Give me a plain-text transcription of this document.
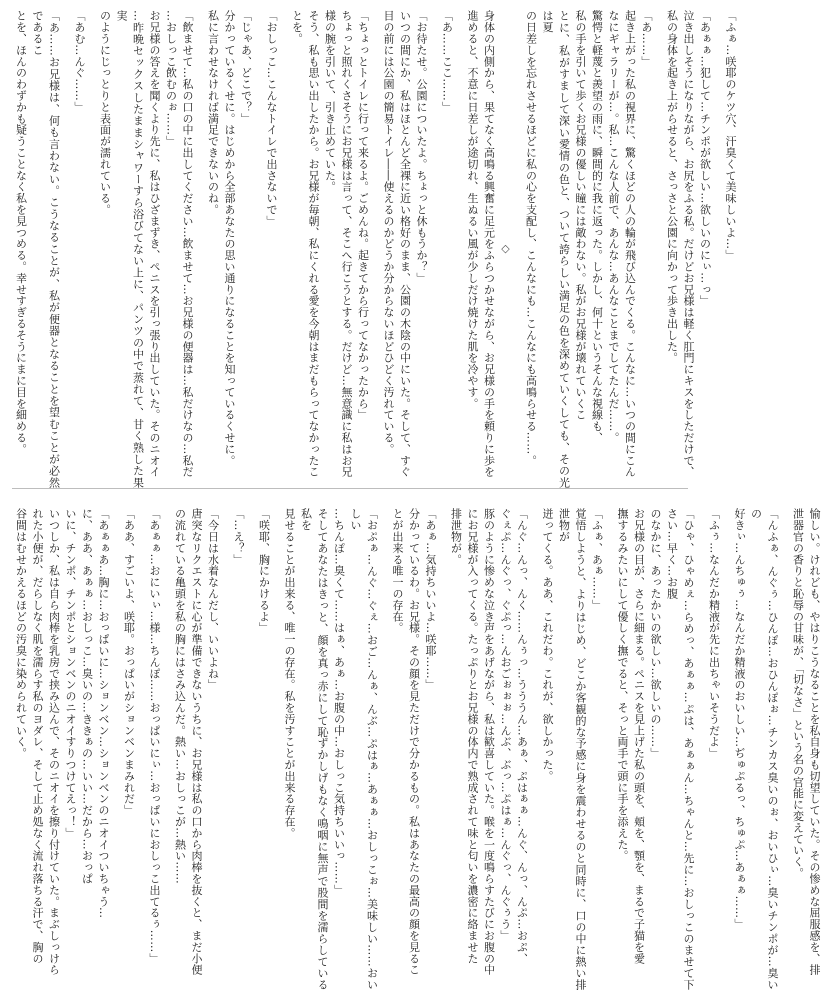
「ふぁ…咲耶のケツ穴、汗臭くて美味しいよ…」

「あぁぁ…犯して…チンポが欲しい…欲しいのにぃ…っ」

泣き出しそうになりながら、お尻をふる私。だけどお兄様は軽く肛門にキスをしただけで、

私の身体を起き上がらせると、さっさと公園に向かって歩き出した。

「あ……」

起き上がった私の視界に、驚くほどの人の輪が飛び込んでくる。こんなに…いつの間にこん

なにギャラリーが…。私…こんな人前で、あんな…あんなことまでしてたんだ……。

驚愕と軽蔑と羨望の雨に、瞬間的に我に返った。しかし、何十というそんな視線も、

私の手を引いて歩くお兄様の優しい瞳には敵わない。私がお兄様が壊れていくこ

とに、私がすまして深い愛情の色と、ついて誇らしい満足の色を深めていくしても、その光は夏

の日差しを忘れさせるほどに私の心を支配し、こんなにも…こんなにも高鳴らせる……。

◇

身体の内側から、果てなく高鳴る興奮に足元をふらつかせながら、お兄様の手を頼りに歩を

進めると、不意に日差しが途切れ、生ぬるい風が少しだけ焼けた肌を冷やす。

「あ……ここ……」

「お待たせ。公園についたよ。ちょっと休もうか？」

いつの間にか、私はほとんど全裸に近い格好のまま、公園の木陰の中にいた。そして、すぐ

目の前には公園の簡易トイレ――使えるのかどうか分からないほどひどく汚れている。

「ちょっとトイレに行って来るよ。ごめんね。起きてから行ってなかったから」

ちょっと照れくさそうにお兄様は言って、そこへ行こうとする。だけど…無意識に私はお兄

様の腕を引いて、引き止めていた。

そう、私も思い出したから。お兄様が毎朝、私にくれる愛を今朝はまだもらってなかったこ

とを。

「おしっこ…こんなトイレで出さないで」

「じゃあ、どこで？」

分かっているくせに。はじめから全部あなたの思い通りになることを知っているくせに。

私に言わせなければ満足できないのね。

「飲ませて…私の口の中に出してください…飲ませて…お兄様の便器は…私だけなの…私だ

…おしっこ飲むのぉ……」

お兄様の答えを聞くより先に、私はひざまずき、ペニスを引っ張り出していた。そのニオイ

…昨晩セックスしたままシャワーすら浴びてない上に、パンツの中で蒸れて、甘く熟した果実

のようにじっとりと表面が濡れている。

「あむ…んぐ……」

「あ……お兄様は、何も言わない。こうなることが、私が便器となることを望むことが必然であるこ

とを、ほんのわずかも疑うことなく私を見つめる。幸せすぎるそうにまに目を細める。

愉しい。けれども、やはりこうなることを私自身も切望していた。その惨めな屈服感を、排

泄器官の香りと恥辱の甘味が、「切なさ」という名の官能に変えていく。

「んふぁ、んぐぅ…ひんぽ…おひんぽぉ…チンカス臭いのぉ、おいひぃ…臭いチンポが…臭いの

好きぃ…んちゅぅ…なんだか精液のおいしい…ぢゅぷるっ、ちゅぷ…あぁぁ……」

「ふぅ…なんだか精液が先に出ちゃいそうだよ」

「ひゃ、ひゃめぇ…らめっ、あぁぁ…ぷは、あぁぁん…ちゃんと…先に…おしっこのませて下さい…早く…お腹

のなかに、あったかいの欲しい…欲しいの……」

お兄様の目が、さらに細まる。ペニスを見上げた私の頭を、頬を、顎を、まるで子猫を愛

撫するみたいにして優しく撫でると、そっと両手で頭に手を添えた。

「ふぁ、あぁ……」

覚悟しようと、よりはじめ、どこか客観的な予感に身を震わせるのと同時に、口の中に熱い排泄物が

迸ってくる。ああ、これだわ。これが、欲しかった。

「んぐ…んっ、んく……んぅっ…うううん…あぁ、ぷはぁぁ…んぐ、んっ、んぷ…おぷ、

ぐぇぷ…んぐっ、ぐぷっ…んおごぉぉぉ…んぶ、ぶっ…ぷはぁ…んぐっ、んぐぅう」

豚のように惨めな泣き声をあげながら、私は歓喜していた。喉を一度鳴らすたびにお腹の中

にお兄様が入ってくる。たっぷりとお兄様の体内で熟成されて味と匂いを濃密に絡ませた

排泄物が。

「あぁ…気持ちいいよ…咲耶……」

分かっているわ。お兄様。その顔を見ただけで分かるもの。私はあなたの最高の顔を見るこ

とが出来る唯一の存在。

「おぷぁ…んぐ…ぐぇ…おご…んぁ、んぶ…ぷはぁ…あぁぁ…おしっこぉ…美味しい……おいしい

…ちんぽ…臭くて……はぁ、あぁ…お腹の中…おしっこ気持ちいいっ……」

そしてあなたはきっと、顔を真っ赤にして恥ずかしげもなく鳴咽に無声で股間を濡らしている私を

見せることが出来る、唯一の存在。私を汚すことが出来る存在。

「咲耶、胸にかけるよ」

「…え？」

「今日は水着なんだし、いいよね」

唐突なリクエストに心が準備できないうちに、お兄様は私の口から肉棒を抜くと、まだ小便

の流れている亀頭を私の胸にはさみ込んだ。熱い…おしっこが…熱い……

「あぁぁ…おにいぃ…様…ちんぽ……おっぱいにぃ…おっぱいにおしっこ出てるぅ……」

「ああ、すごいよ、咲耶。おっぱいがションベンまみれだ」

「あぁぁあ…胸に…おっぱいに…ションベン…ションベンのニオイついちゃう…

に、ああ、あぁぁ…おしっこ…臭いの…ききぁの…いい…だから…おっぱ

いに、チンポ、チンポとションベンのニオイすりつけてえっ！」

いつしか、私は自ら肉棒を乳房で挟み込んで、そのニオイを擦り付けていた。まぶしっけら

れた小便が、だらしなく肌を濡らす私のヨダレ、そして止め処なく流れ落ちる汗で、胸の

谷間はむせかえるほどの汚臭に染められていく。
